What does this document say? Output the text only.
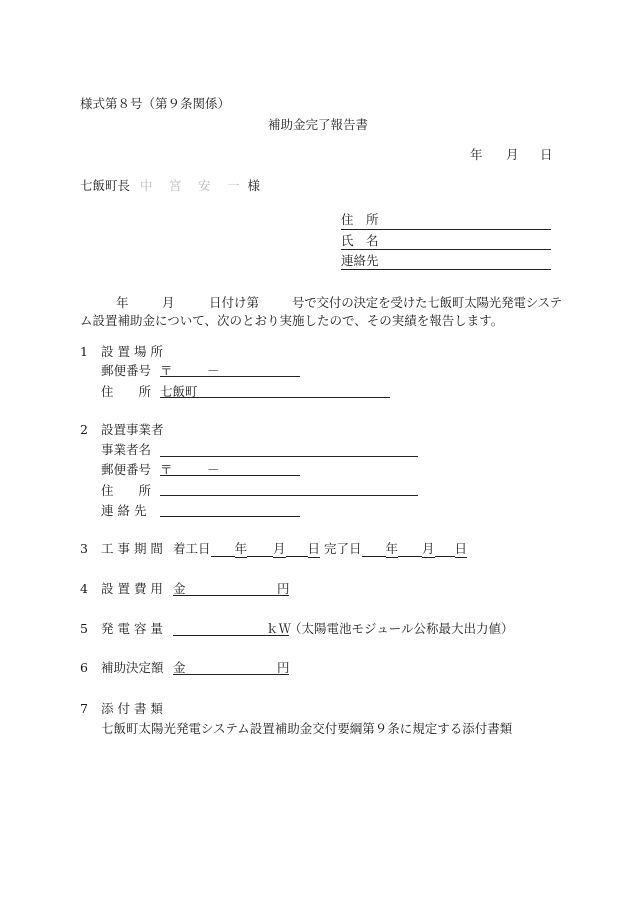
様式第８号（第９条関係）
補助金完了報告書
年 月 日
七飯町長 中　宮　安　一 様
住　所
氏　名
連絡先
年	月	日付け第	号で交付の決定を受けた七飯町太陽光発電システ
ム設置補助金について、次のとおり実施したので、その実績を報告します。
1 設 置 場 所
郵便番号 〒	－
住　　所 七飯町
2 設置事業者
事業者名
郵便番号 〒	－
住　　所
連 絡 先
3 工 事 期 間 着工日 年 月 日 完了日 年 月 日
4 設 置 費 用 金	円
5 発 電 容 量	ｋＷ
（太陽電池モジュール公称最大出力値）
6 補助決定額 金	円
7 添 付 書 類
七飯町太陽光発電システム設置補助金交付要綱第９条に規定する添付書類
